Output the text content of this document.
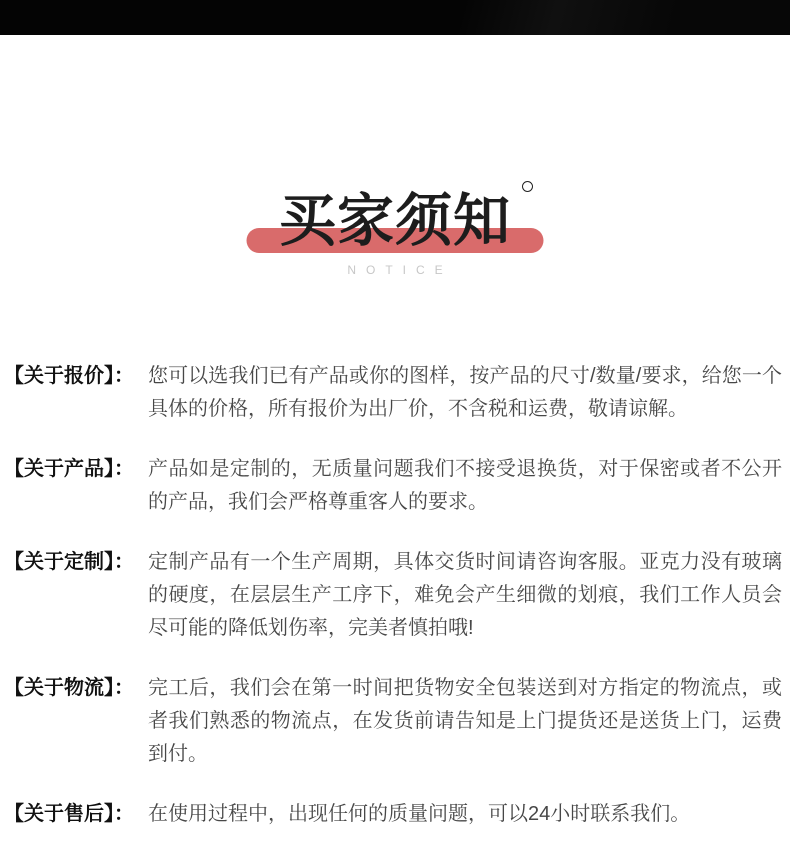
买家须知
NOTICE
【关于报价】： 您可以选我们已有产品或你的图样，按产品的尺寸/数量/要求，给您一个具体的价格，所有报价为出厂价，不含税和运费，敬请谅解。
【关于产品】： 产品如是定制的，无质量问题我们不接受退换货，对于保密或者不公开的产品，我们会严格尊重客人的要求。
【关于定制】： 定制产品有一个生产周期，具体交货时间请咨询客服。亚克力没有玻璃的硬度，在层层生产工序下，难免会产生细微的划痕，我们工作人员会尽可能的降低划伤率，完美者慎拍哦!
【关于物流】： 完工后，我们会在第一时间把货物安全包装送到对方指定的物流点，或者我们熟悉的物流点，在发货前请告知是上门提货还是送货上门，运费到付。
【关于售后】： 在使用过程中，出现任何的质量问题，可以24小时联系我们。
